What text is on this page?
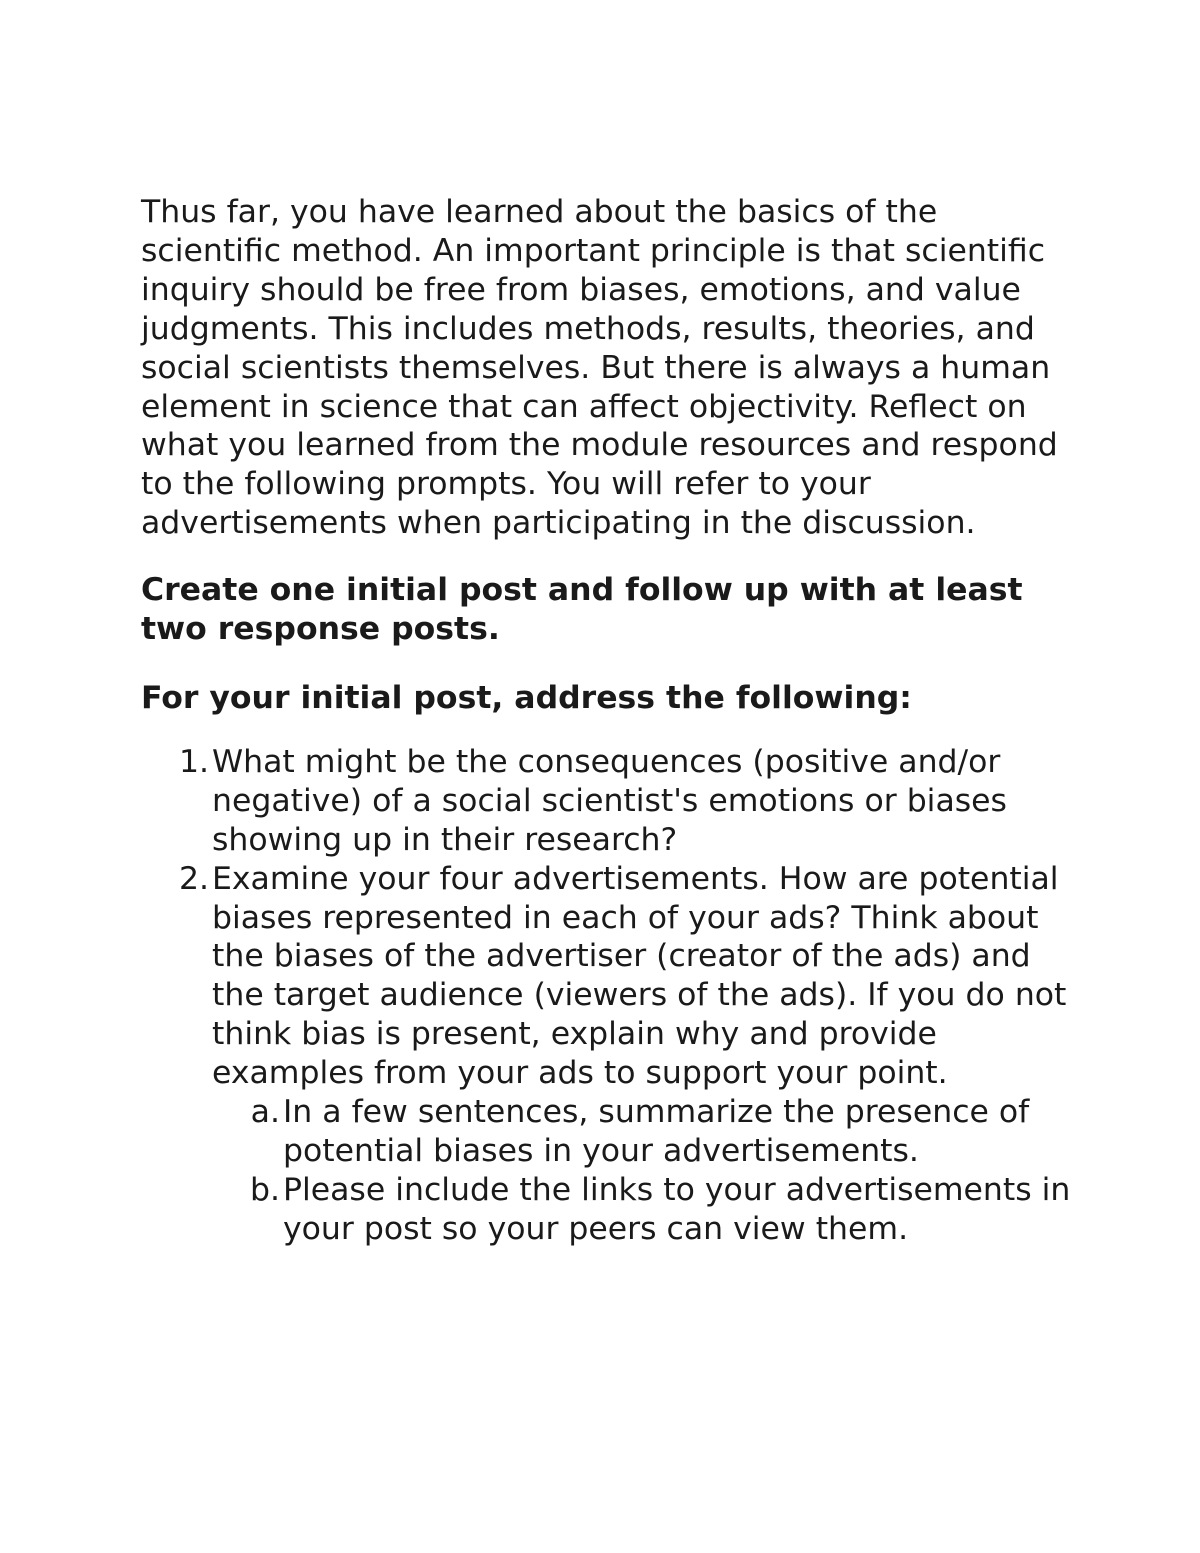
Thus far, you have learned about the basics of the scientific method. An important principle is that scientific inquiry should be free from biases, emotions, and value judgments. This includes methods, results, theories, and social scientists themselves. But there is always a human element in science that can affect objectivity. Reflect on what you learned from the module resources and respond to the following prompts. You will refer to your advertisements when participating in the discussion.

Create one initial post and follow up with at least two response posts.

For your initial post, address the following:

1. What might be the consequences (positive and/or negative) of a social scientist's emotions or biases showing up in their research?
2. Examine your four advertisements. How are potential biases represented in each of your ads? Think about the biases of the advertiser (creator of the ads) and the target audience (viewers of the ads). If you do not think bias is present, explain why and provide examples from your ads to support your point.
a. In a few sentences, summarize the presence of potential biases in your advertisements.
b. Please include the links to your advertisements in your post so your peers can view them.
